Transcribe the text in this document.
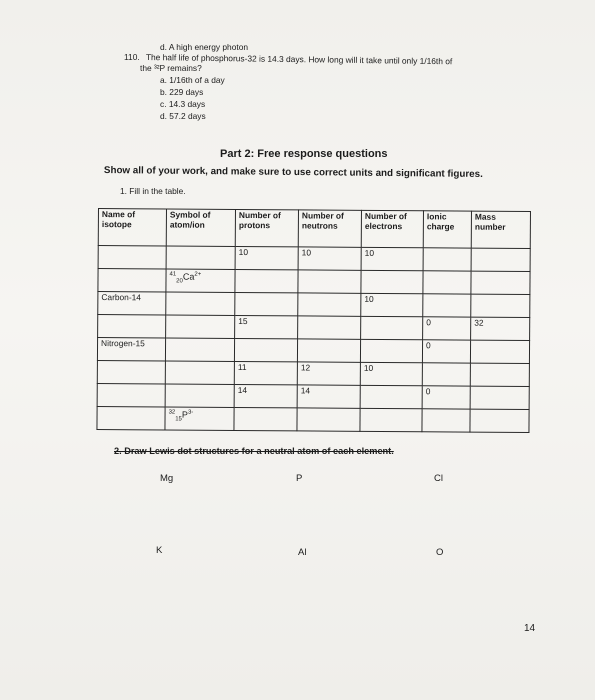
d. A high energy photon
110. The half life of phosphorus-32 is 14.3 days. How long will it take until only 1/16th of
the ³²P remains?
a. 1/16th of a day
b. 229 days
c. 14.3 days
d. 57.2 days
Part 2: Free response questions
Show all of your work, and make sure to use correct units and significant figures.
1. Fill in the table.
Name of isotope	Symbol of atom/ion	Number of protons	Number of neutrons	Number of electrons	Ionic charge	Mass number
		10	10	10		
	$^{41}_{20}Ca^{2+}$					
Carbon-14				10		
		15			0	32
Nitrogen-15					0	
		11	12	10		
		14	14		0	
	$^{32}_{15}P^{3-}$					
2. Draw Lewis dot structures for a neutral atom of each element.
Mg	P	Cl
K	Al	O
14
